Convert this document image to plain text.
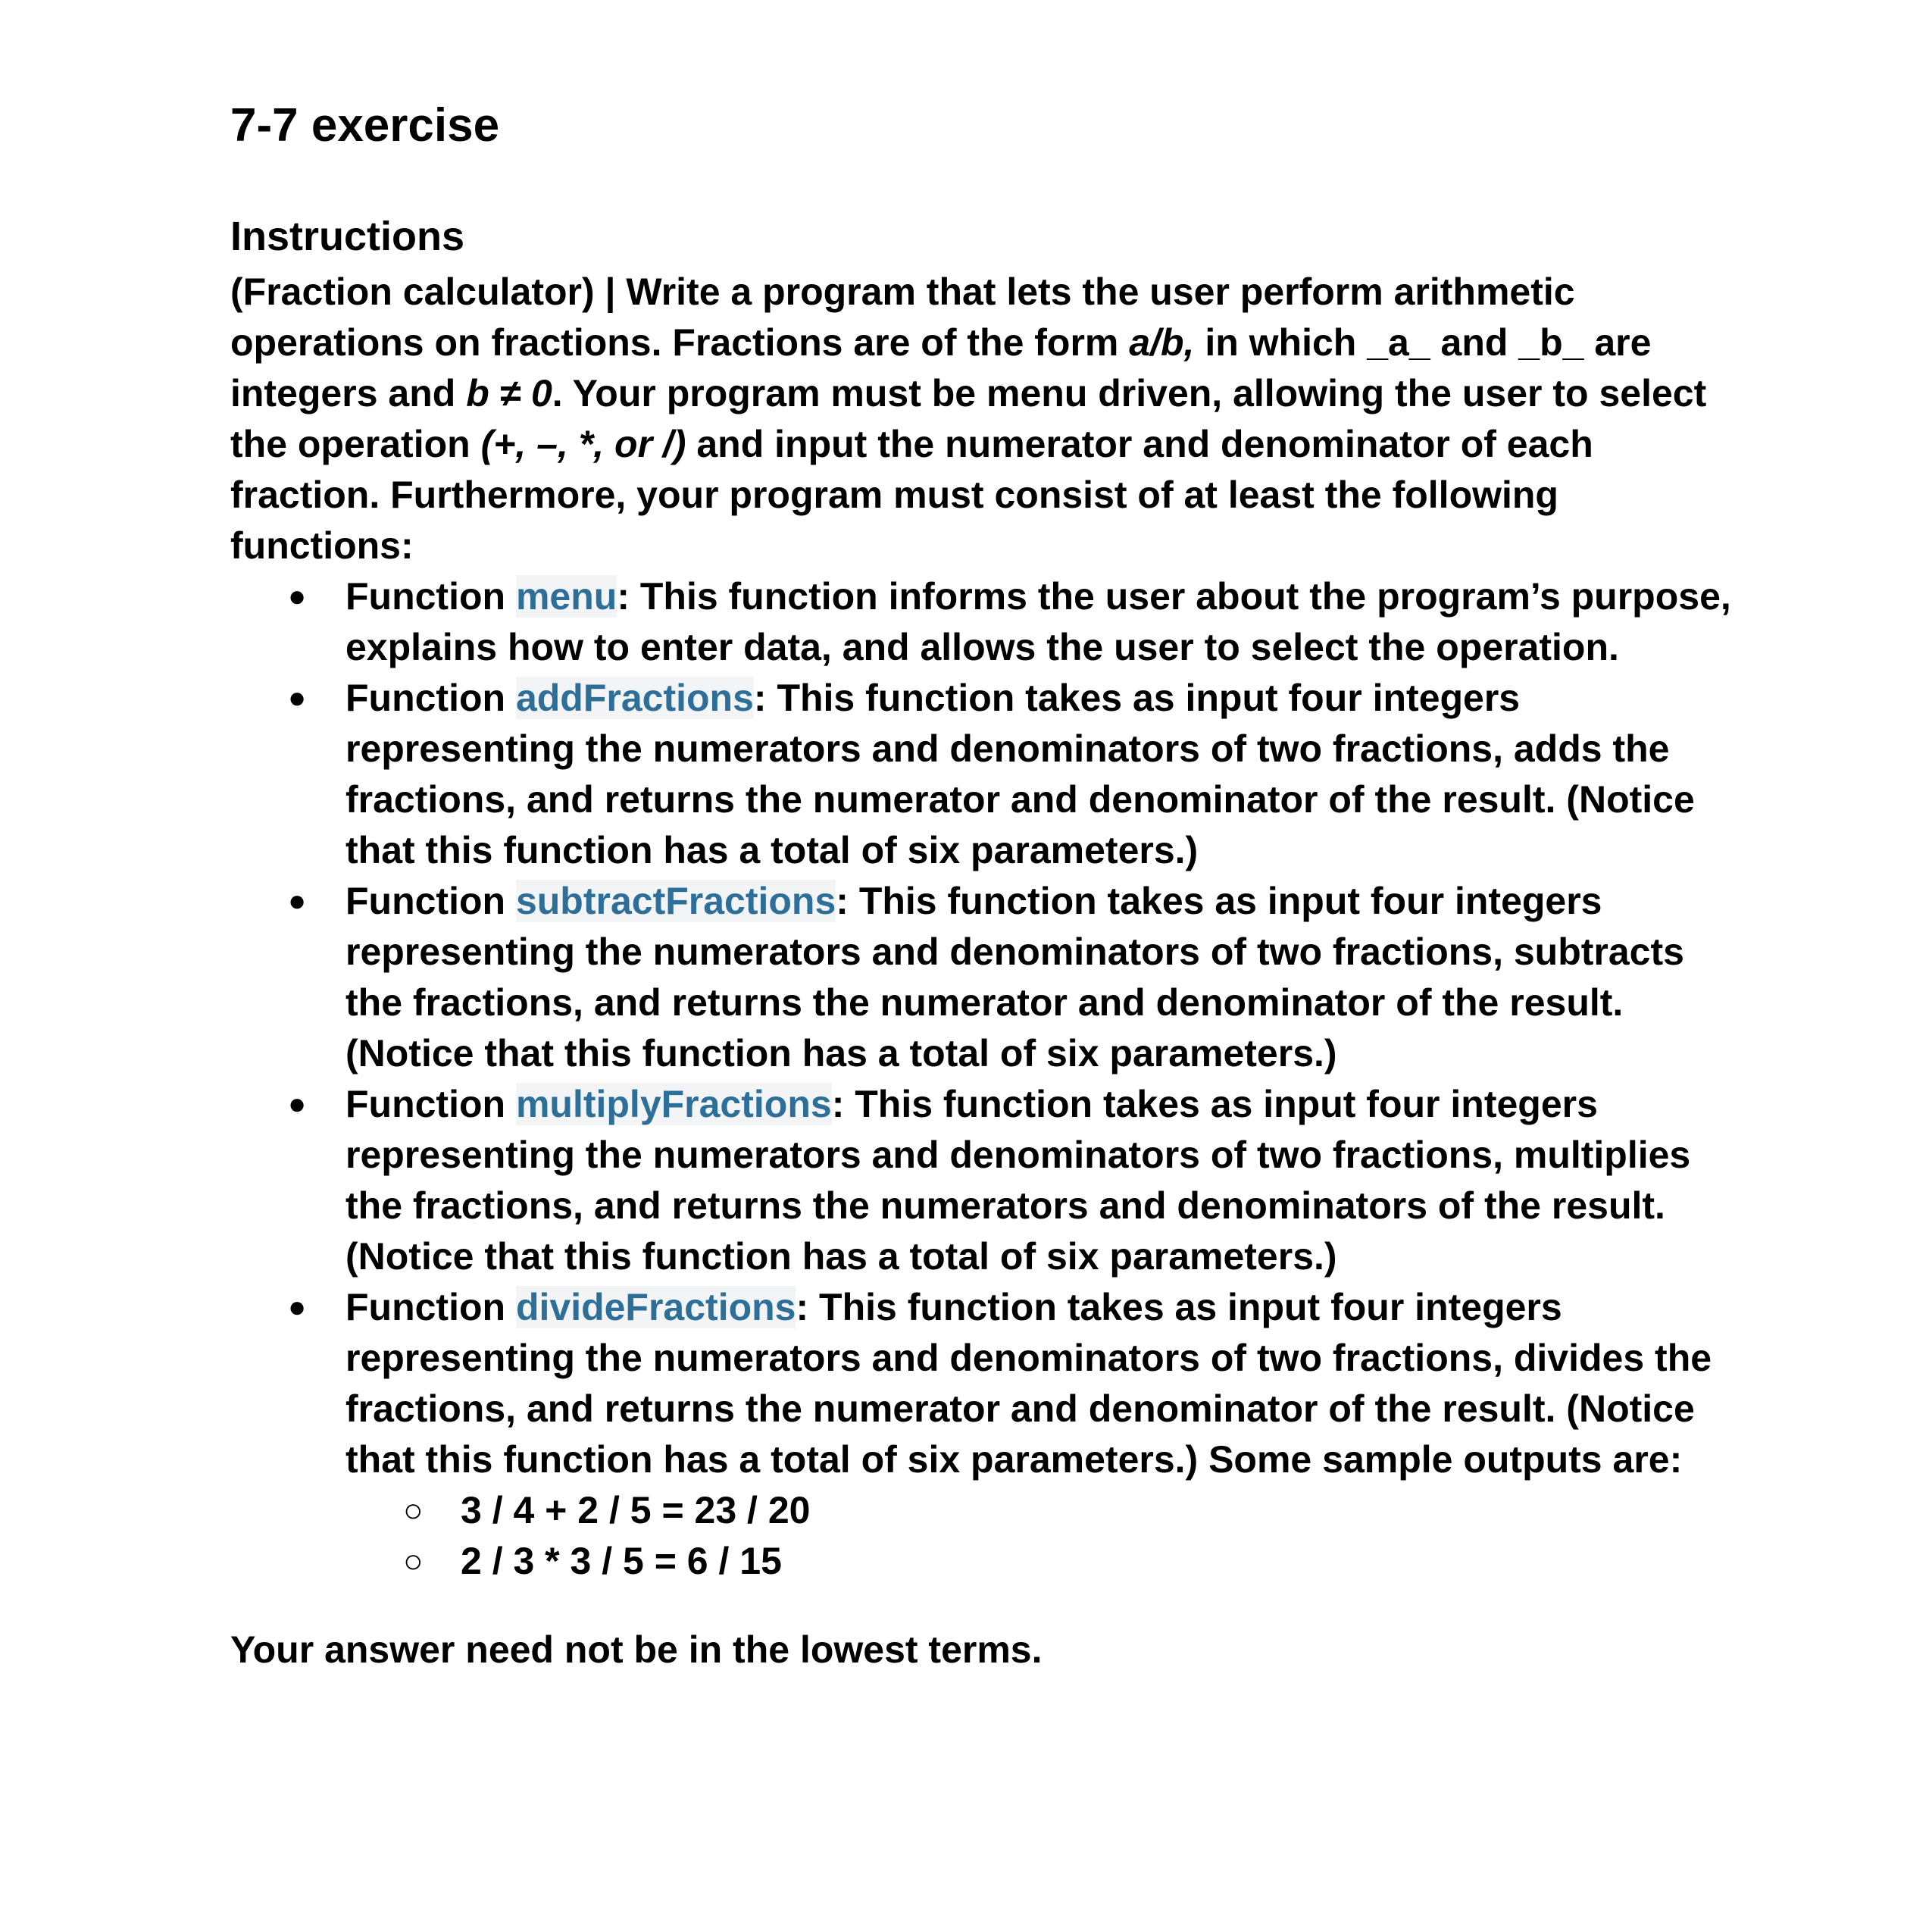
7-7 exercise
Instructions

(Fraction calculator) | Write a program that lets the user perform arithmetic operations on fractions. Fractions are of the form a/b, in which _a_ and _b_ are integers and b ≠ 0. Your program must be menu driven, allowing the user to select the operation (+, –, *, or /) and input the numerator and denominator of each fraction. Furthermore, your program must consist of at least the following functions:

● Function menu: This function informs the user about the program’s purpose, explains how to enter data, and allows the user to select the operation.
● Function addFractions: This function takes as input four integers representing the numerators and denominators of two fractions, adds the fractions, and returns the numerator and denominator of the result. (Notice that this function has a total of six parameters.)
● Function subtractFractions: This function takes as input four integers representing the numerators and denominators of two fractions, subtracts the fractions, and returns the numerator and denominator of the result. (Notice that this function has a total of six parameters.)
● Function multiplyFractions: This function takes as input four integers representing the numerators and denominators of two fractions, multiplies the fractions, and returns the numerators and denominators of the result. (Notice that this function has a total of six parameters.)
● Function divideFractions: This function takes as input four integers representing the numerators and denominators of two fractions, divides the fractions, and returns the numerator and denominator of the result. (Notice that this function has a total of six parameters.) Some sample outputs are:
○ 3 / 4 + 2 / 5 = 23 / 20
○ 2 / 3 * 3 / 5 = 6 / 15

Your answer need not be in the lowest terms.
